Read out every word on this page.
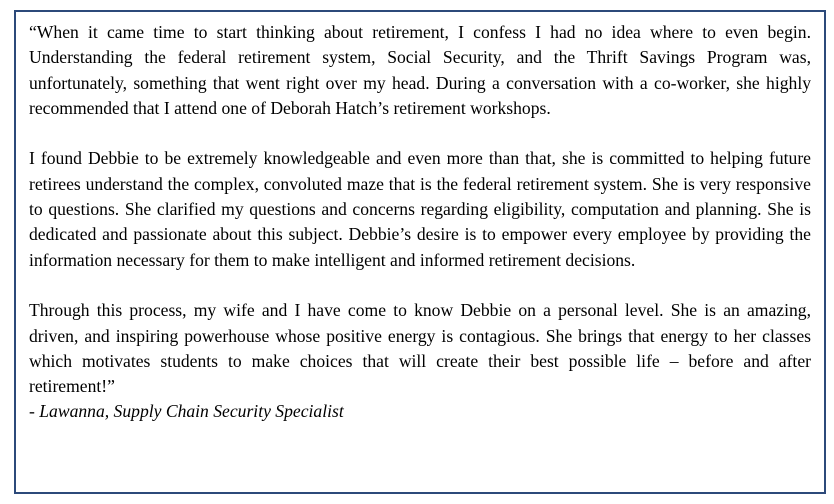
“When it came time to start thinking about retirement, I confess I had no idea where to even begin. Understanding the federal retirement system, Social Security, and the Thrift Savings Program was, unfortunately, something that went right over my head. During a conversation with a co-worker, she highly recommended that I attend one of Deborah Hatch’s retirement workshops.

I found Debbie to be extremely knowledgeable and even more than that, she is committed to helping future retirees understand the complex, convoluted maze that is the federal retirement system. She is very responsive to questions. She clarified my questions and concerns regarding eligibility, computation and planning. She is dedicated and passionate about this subject. Debbie’s desire is to empower every employee by providing the information necessary for them to make intelligent and informed retirement decisions.

Through this process, my wife and I have come to know Debbie on a personal level. She is an amazing, driven, and inspiring powerhouse whose positive energy is contagious. She brings that energy to her classes which motivates students to make choices that will create their best possible life – before and after retirement!”

- Lawanna, Supply Chain Security Specialist
